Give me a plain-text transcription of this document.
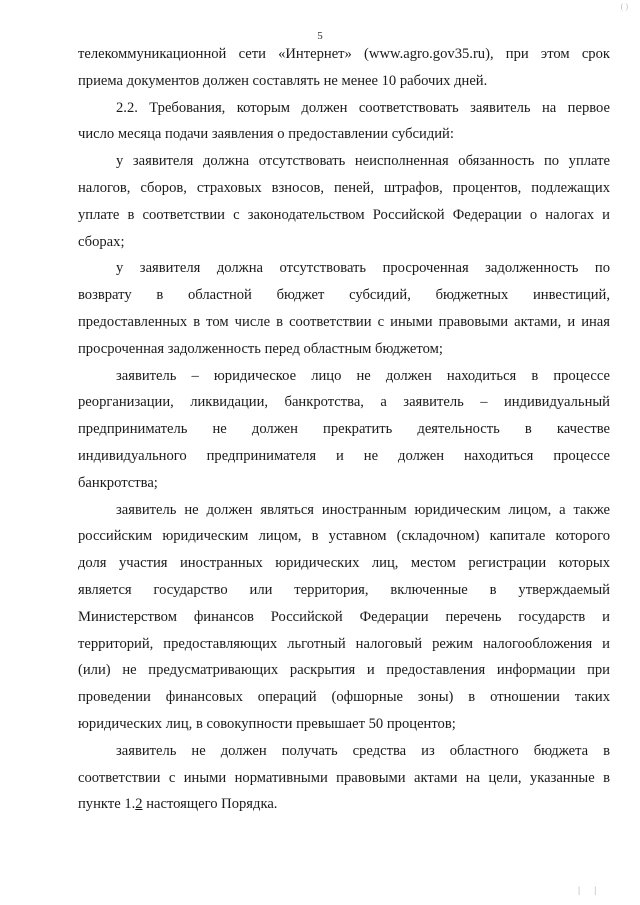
( )
5

телекоммуникационной сети «Интернет» (www.agro.gov35.ru), при этом срок
приема документов должен составлять не менее 10 рабочих дней.

2.2. Требования, которым должен соответствовать заявитель на первое
число месяца подачи заявления о предоставлении субсидий:

у заявителя должна отсутствовать неисполненная обязанность по уплате
налогов, сборов, страховых взносов, пеней, штрафов, процентов, подлежащих
уплате в соответствии с законодательством Российской Федерации о налогах и
сборах;

у заявителя должна отсутствовать просроченная задолженность по
возврату в областной бюджет субсидий, бюджетных инвестиций,
предоставленных в том числе в соответствии с иными правовыми актами, и иная
просроченная задолженность перед областным бюджетом;

заявитель – юридическое лицо не должен находиться в процессе
реорганизации, ликвидации, банкротства, а заявитель – индивидуальный
предприниматель не должен прекратить деятельность в качестве
индивидуального предпринимателя и не должен находиться процессе
банкротства;

заявитель не должен являться иностранным юридическим лицом, а также
российским юридическим лицом, в уставном (складочном) капитале которого
доля участия иностранных юридических лиц, местом регистрации которых
является государство или территория, включенные в утверждаемый
Министерством финансов Российской Федерации перечень государств и
территорий, предоставляющих льготный налоговый режим налогообложения и
(или) не предусматривающих раскрытия и предоставления информации при
проведении финансовых операций (офшорные зоны) в отношении таких
юридических лиц, в совокупности превышает 50 процентов;

заявитель не должен получать средства из областного бюджета в
соответствии с иными нормативными правовыми актами на цели, указанные в
пункте 1.2 настоящего Порядка.

| |
